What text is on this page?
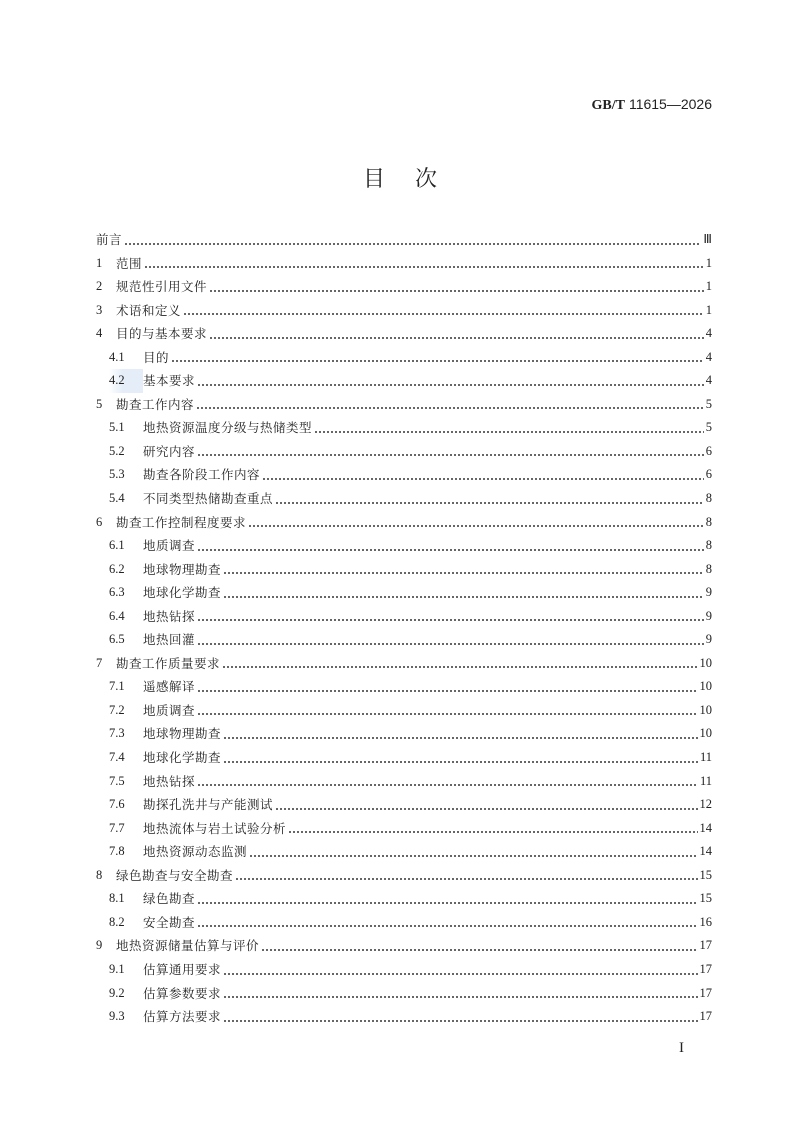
GB/T 11615—2026
目次
前言	Ⅲ
1	范围	1
2	规范性引用文件	1
3	术语和定义	1
4	目的与基本要求	4
4.1	目的	4
4.2	基本要求	4
5	勘查工作内容	5
5.1	地热资源温度分级与热储类型	5
5.2	研究内容	6
5.3	勘查各阶段工作内容	6
5.4	不同类型热储勘查重点	8
6	勘查工作控制程度要求	8
6.1	地质调查	8
6.2	地球物理勘查	8
6.3	地球化学勘查	9
6.4	地热钻探	9
6.5	地热回灌	9
7	勘查工作质量要求	10
7.1	遥感解译	10
7.2	地质调查	10
7.3	地球物理勘查	10
7.4	地球化学勘查	11
7.5	地热钻探	11
7.6	勘探孔洗井与产能测试	12
7.7	地热流体与岩土试验分析	14
7.8	地热资源动态监测	14
8	绿色勘查与安全勘查	15
8.1	绿色勘查	15
8.2	安全勘查	16
9	地热资源储量估算与评价	17
9.1	估算通用要求	17
9.2	估算参数要求	17
9.3	估算方法要求	17
I
